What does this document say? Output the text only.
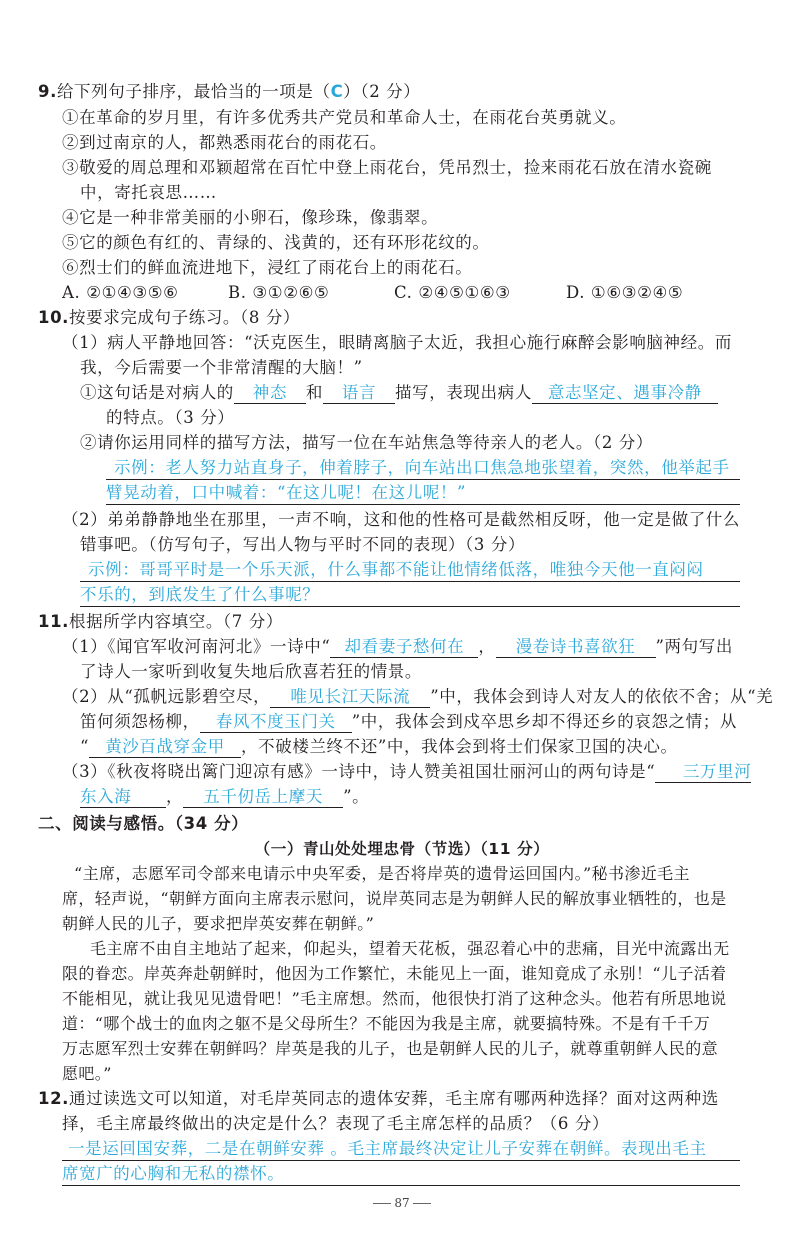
9.给下列句子排序，最恰当的一项是（C）（2 分）
①在革命的岁月里，有许多优秀共产党员和革命人士，在雨花台英勇就义。
②到过南京的人，都熟悉雨花台的雨花石。
③敬爱的周总理和邓颖超常在百忙中登上雨花台，凭吊烈士，捡来雨花石放在清水瓷碗
中，寄托哀思……
④它是一种非常美丽的小卵石，像珍珠，像翡翠。
⑤它的颜色有红的、青绿的、浅黄的，还有环形花纹的。
⑥烈士们的鲜血流进地下，浸红了雨花台上的雨花石。
A. ②①④③⑤⑥	B. ③①②⑥⑤	C. ②④⑤①⑥③	D. ①⑥③②④⑤
10.按要求完成句子练习。（8 分）
（1）病人平静地回答：“沃克医生，眼睛离脑子太近，我担心施行麻醉会影响脑神经。而
我，今后需要一个非常清醒的大脑！”
①这句话是对病人的 神态 和 语言 描写，表现出病人 意志坚定、遇事冷静
的特点。（3 分）
②请你运用同样的描写方法，描写一位在车站焦急等待亲人的老人。（2 分）
示例：老人努力站直身子，伸着脖子，向车站出口焦急地张望着，突然，他举起手
臂晃动着，口中喊着：“在这儿呢！在这儿呢！”
（2）弟弟静静地坐在那里，一声不响，这和他的性格可是截然相反呀，他一定是做了什么
错事吧。（仿写句子，写出人物与平时不同的表现）（3 分）
示例：哥哥平时是一个乐天派，什么事都不能让他情绪低落，唯独今天他一直闷闷
不乐的，到底发生了什么事呢？
11.根据所学内容填空。（7 分）
（1）《闻官军收河南河北》一诗中“ 却看妻子愁何在 ， 漫卷诗书喜欲狂 ”两句写出
了诗人一家听到收复失地后欣喜若狂的情景。
（2）从“孤帆远影碧空尽， 唯见长江天际流 ”中，我体会到诗人对友人的依依不舍；从“羌
笛何须怨杨柳， 春风不度玉门关 ”中，我体会到戍卒思乡却不得还乡的哀怨之情；从
“ 黄沙百战穿金甲 ，不破楼兰终不还”中，我体会到将士们保家卫国的决心。
（3）《秋夜将晓出篱门迎凉有感》一诗中，诗人赞美祖国壮丽河山的两句诗是“ 三万里河
东入海 ， 五千仞岳上摩天 ”。
二、阅读与感悟。（34 分）
（一）青山处处埋忠骨（节选）（11 分）
“主席，志愿军司令部来电请示中央军委，是否将岸英的遗骨运回国内。”秘书渗近毛主
席，轻声说，“朝鲜方面向主席表示慰问，说岸英同志是为朝鲜人民的解放事业牺牲的，也是
朝鲜人民的儿子，要求把岸英安葬在朝鲜。”
毛主席不由自主地站了起来，仰起头，望着天花板，强忍着心中的悲痛，目光中流露出无
限的眷恋。岸英奔赴朝鲜时，他因为工作繁忙，未能见上一面，谁知竟成了永别！“儿子活着
不能相见，就让我见见遗骨吧！”毛主席想。然而，他很快打消了这种念头。他若有所思地说
道：“哪个战士的血肉之躯不是父母所生？不能因为我是主席，就要搞特殊。不是有千千万
万志愿军烈士安葬在朝鲜吗？岸英是我的儿子，也是朝鲜人民的儿子，就尊重朝鲜人民的意
愿吧。”
12.通过读选文可以知道，对毛岸英同志的遗体安葬，毛主席有哪两种选择？面对这两种选
择，毛主席最终做出的决定是什么？表现了毛主席怎样的品质？（6 分）
一是运回国安葬，二是在朝鲜安葬 。毛主席最终决定让儿子安葬在朝鲜。表现出毛主
席宽广的心胸和无私的襟怀。
87
